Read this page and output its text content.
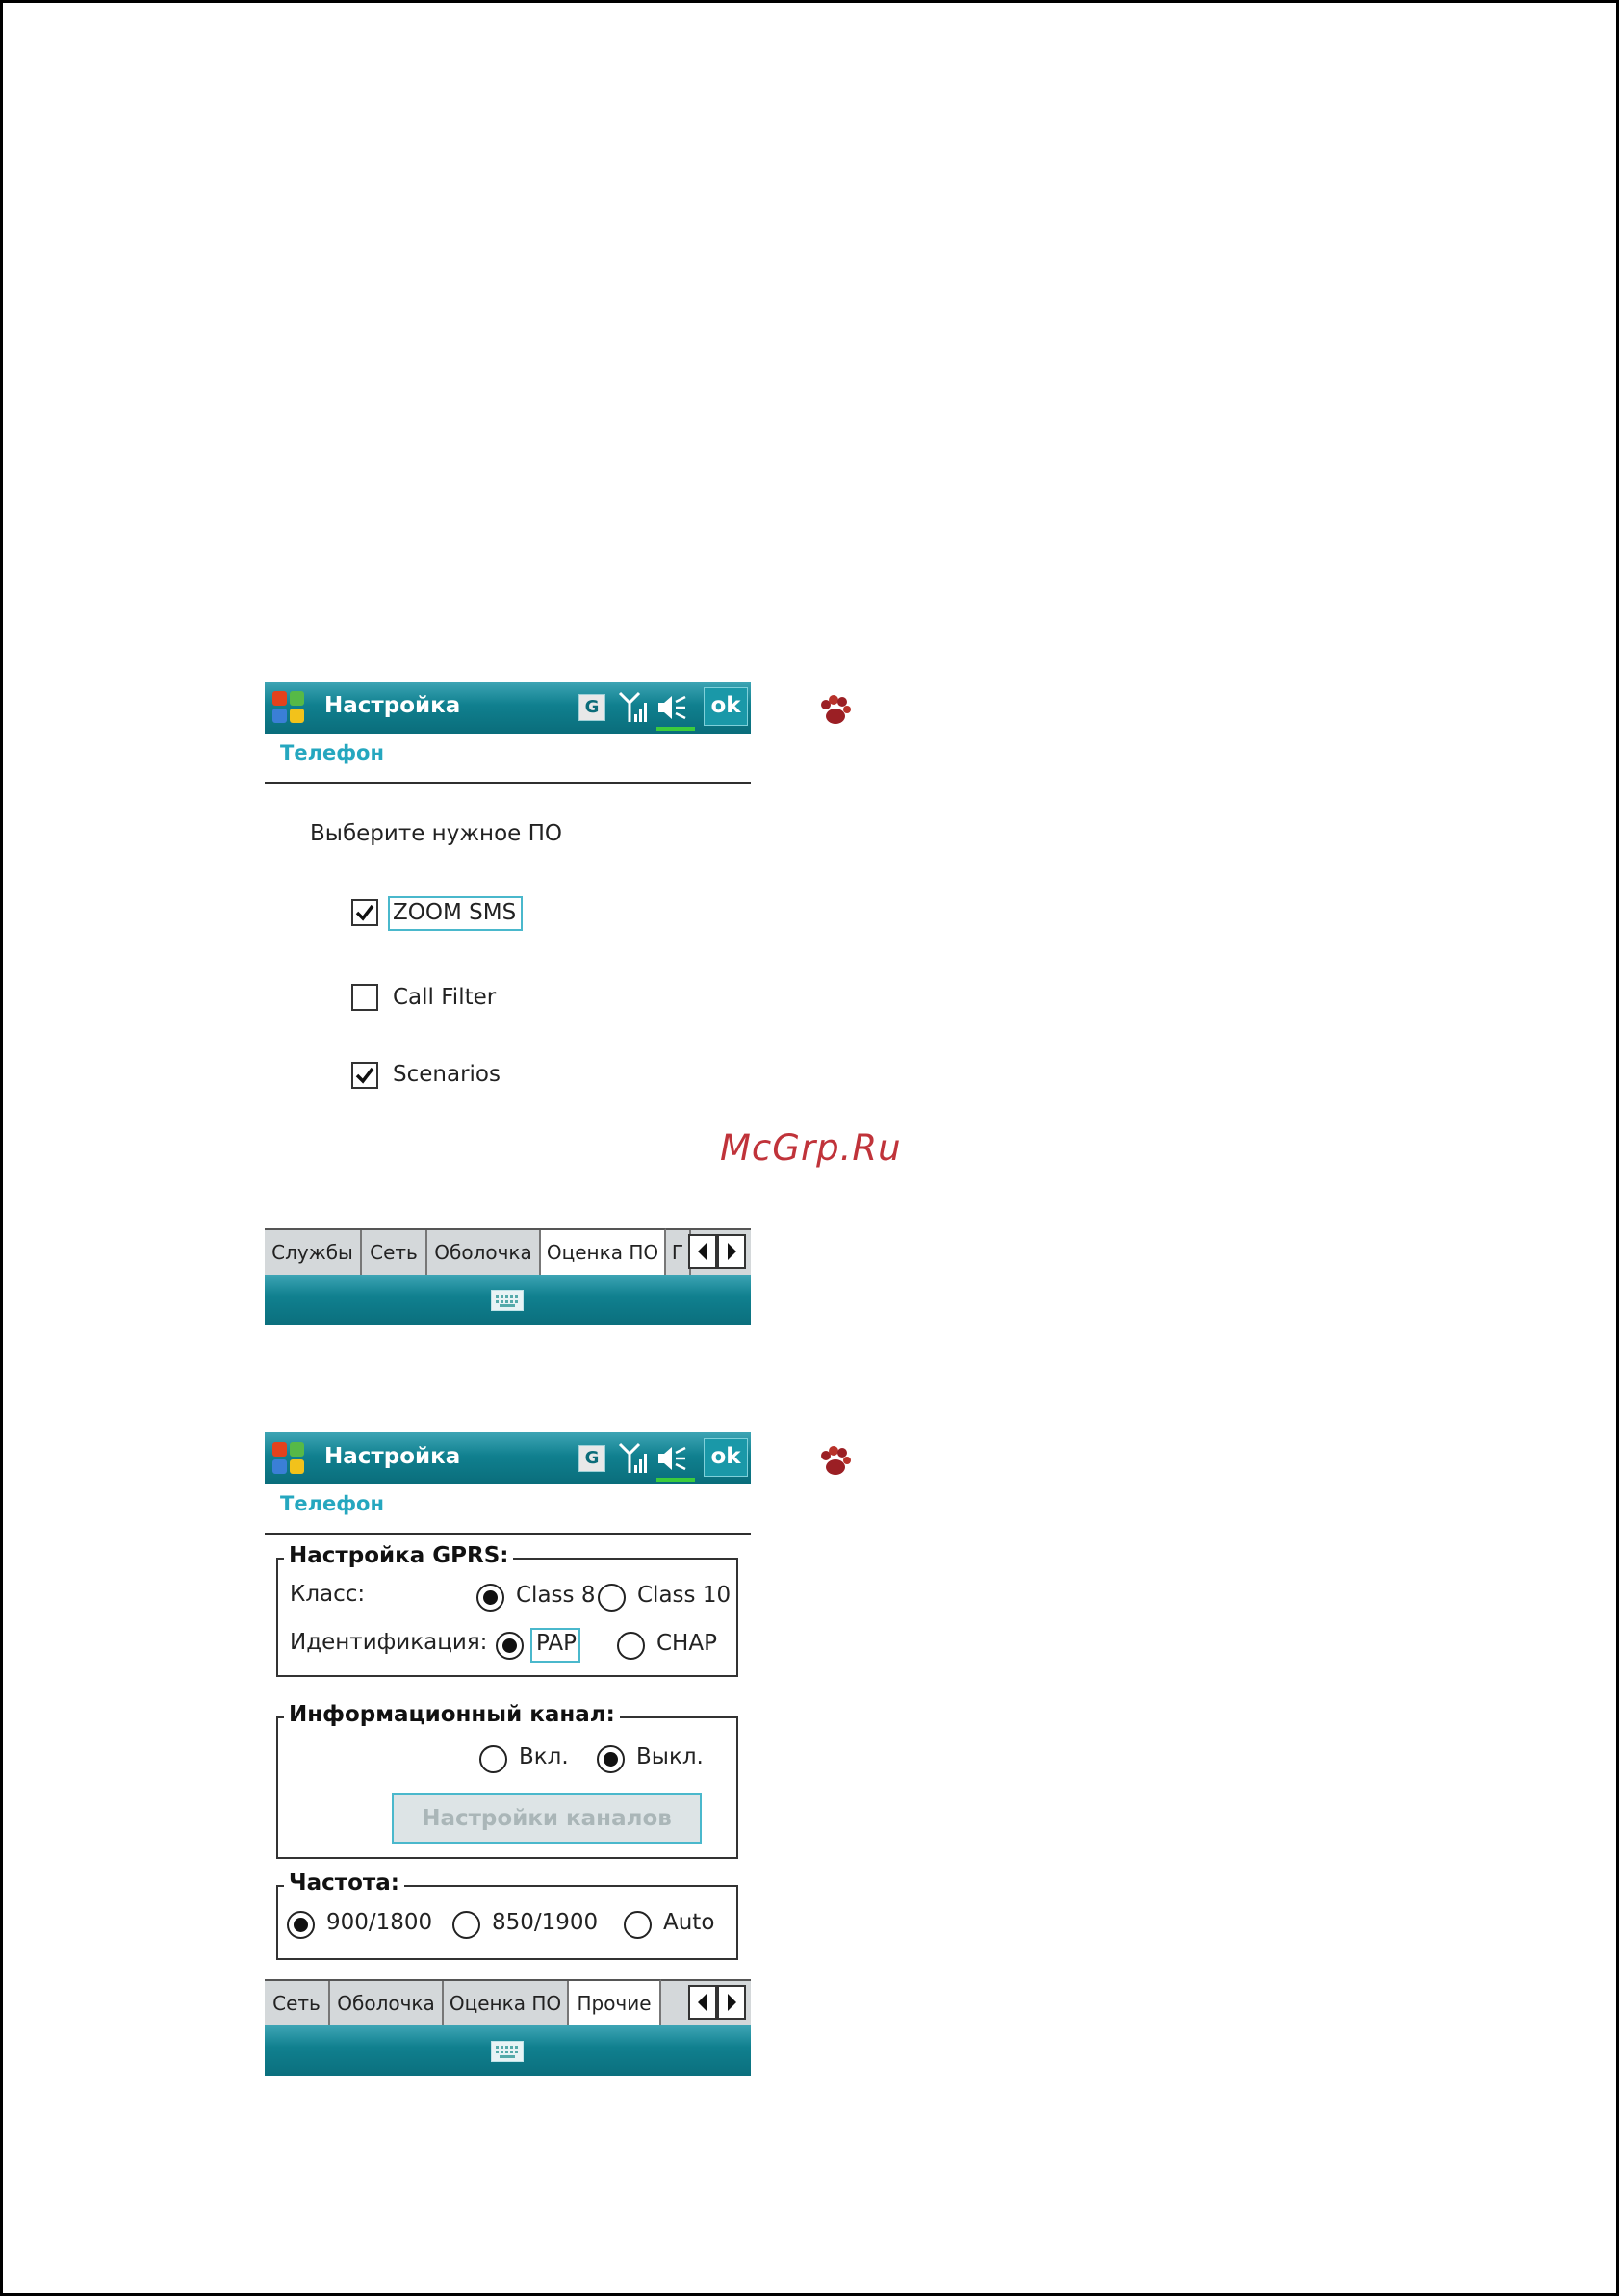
Настройка	G	ok
Телефон
Выберите нужное ПО
ZOOM SMS
Call Filter
Scenarios
Службы Сеть Оболочка Оценка ПО Г
McGrp.Ru
Настройка	G	ok
Телефон
Настройка GPRS:
Класс:	Class 8 Class 10
Идентификация: PAP	CHAP
Информационный канал:
Вкл.	Выкл.
Настройки каналов
Частота:
900/1800	850/1900	Auto
Сеть Оболочка Оценка ПО Прочие
